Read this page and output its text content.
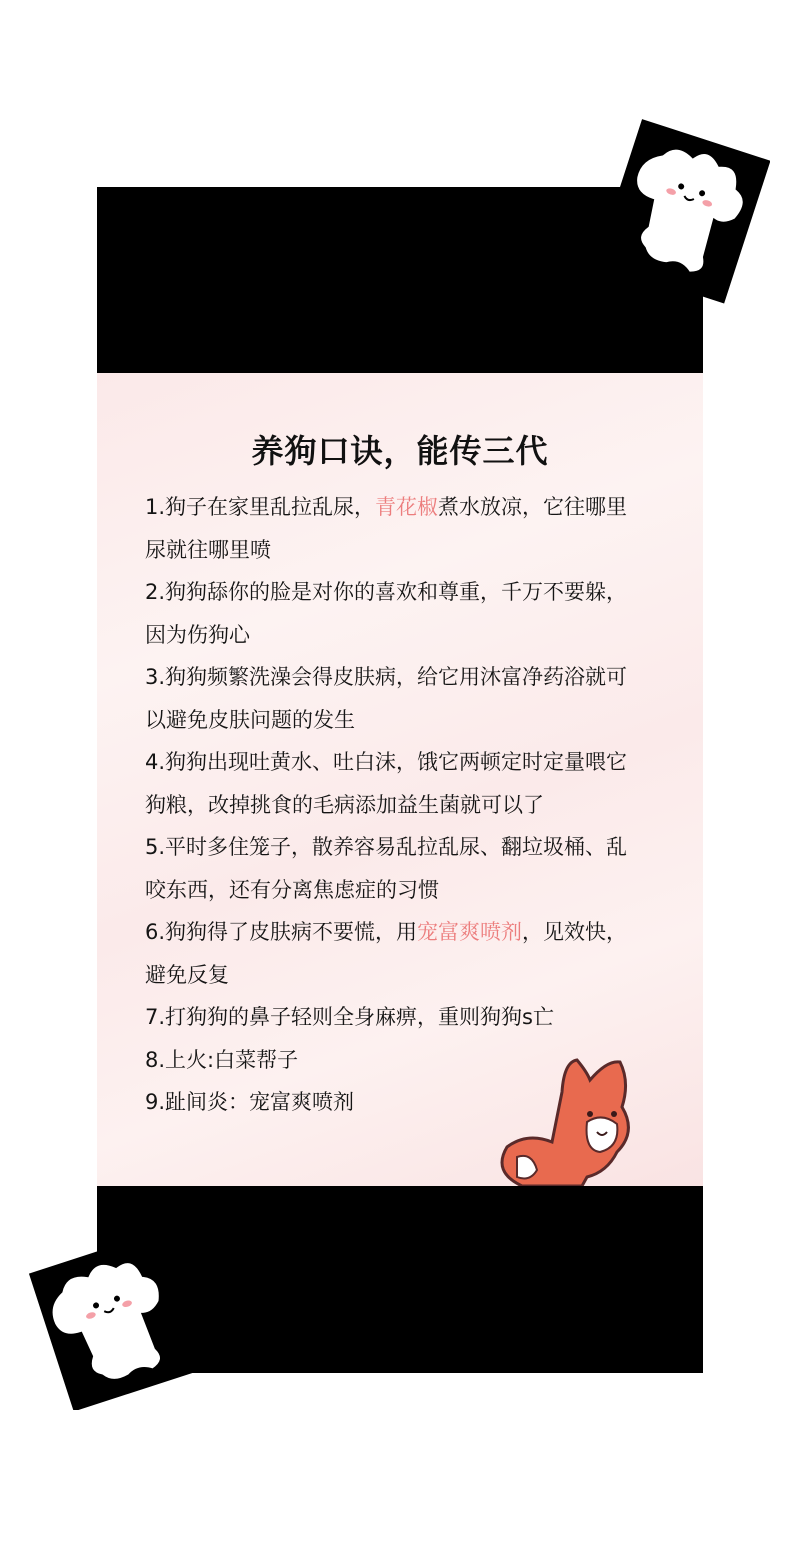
养狗口诀，能传三代

1.狗子在家里乱拉乱尿，青花椒煮水放凉，它往哪里尿就往哪里喷

2.狗狗舔你的脸是对你的喜欢和尊重，千万不要躲，因为伤狗心

3.狗狗频繁洗澡会得皮肤病，给它用沐富净药浴就可以避免皮肤问题的发生

4.狗狗出现吐黄水、吐白沫，饿它两顿定时定量喂它狗粮，改掉挑食的毛病添加益生菌就可以了

5.平时多住笼子，散养容易乱拉乱尿、翻垃圾桶、乱咬东西，还有分离焦虑症的习惯

6.狗狗得了皮肤病不要慌，用宠富爽喷剂，见效快，避免反复

7.打狗狗的鼻子轻则全身麻痹，重则狗狗s亡

8.上火:白菜帮子

9.趾间炎：宠富爽喷剂
